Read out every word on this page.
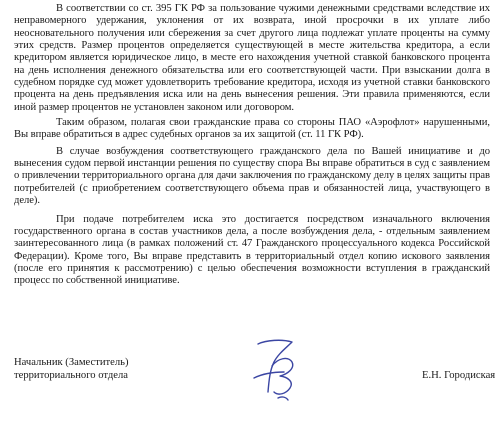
В соответствии со ст. 395 ГК РФ за пользование чужими денежными средствами вследствие их неправомерного удержания, уклонения от их возврата, иной просрочки в их уплате либо неосновательного получения или сбережения за счет другого лица подлежат уплате проценты на сумму этих средств. Размер процентов определяется существующей в месте жительства кредитора, а если кредитором является юридическое лицо, в месте его нахождения учетной ставкой банковского процента на день исполнения денежного обязательства или его соответствующей части. При взыскании долга в судебном порядке суд может удовлетворить требование кредитора, исходя из учетной ставки банковского процента на день предъявления иска или на день вынесения решения. Эти правила применяются, если иной размер процентов не установлен законом или договором.

Таким образом, полагая свои гражданские права со стороны ПАО «Аэрофлот» нарушенными, Вы вправе обратиться в адрес судебных органов за их защитой (ст. 11 ГК РФ).

В случае возбуждения соответствующего гражданского дела по Вашей инициативе и до вынесения судом первой инстанции решения по существу спора Вы вправе обратиться в суд с заявлением о привлечении территориального органа для дачи заключения по гражданскому делу в целях защиты прав потребителей (с приобретением соответствующего объема прав и обязанностей лица, участвующего в деле).

При подаче потребителем иска это достигается посредством изначального включения государственного органа в состав участников дела, а после возбуждения дела, - отдельным заявлением заинтересованного лица (в рамках положений ст. 47 Гражданского процессуального кодекса Российской Федерации). Кроме того, Вы вправе представить в территориальный отдел копию искового заявления (после его принятия к рассмотрению) с целью обеспечения возможности вступления в гражданский процесс по собственной инициативе.

Начальник (Заместитель)
территориального отдела	Е.Н. Городиская
